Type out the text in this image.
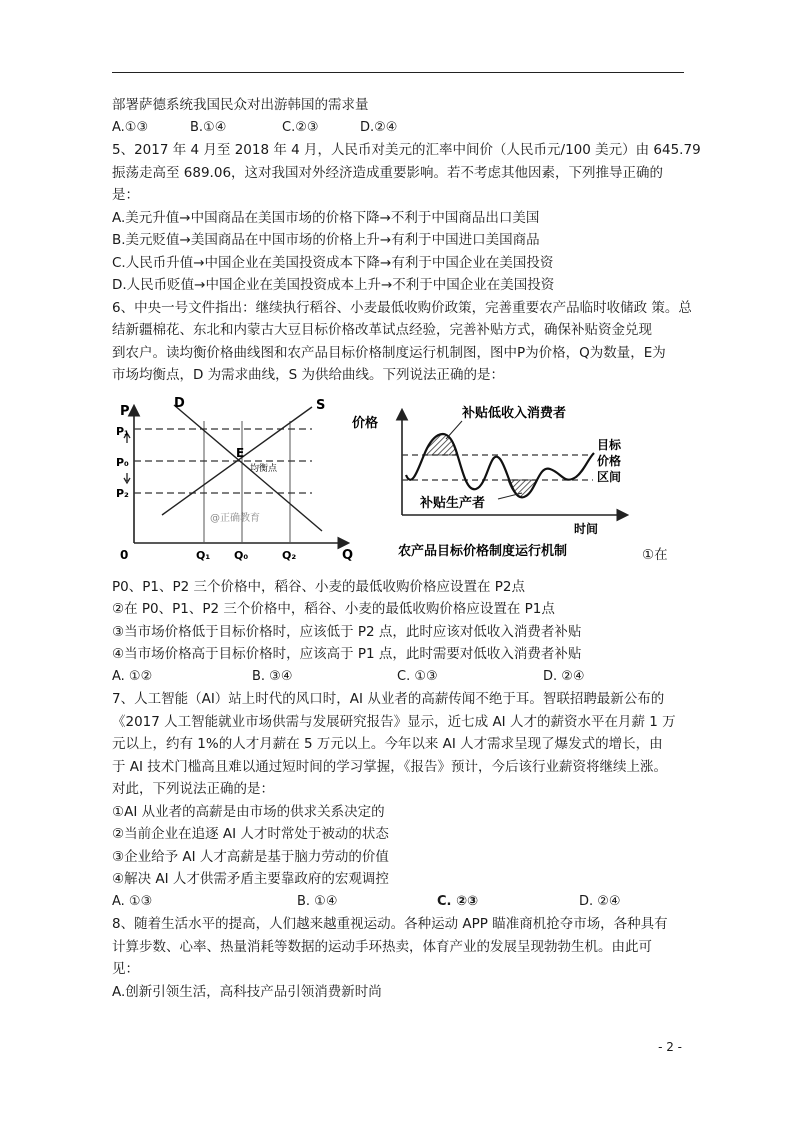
部署萨德系统我国民众对出游韩国的需求量
A.①③	B.①④	C.②③	D.②④
5、2017 年 4 月至 2018 年 4 月，人民币对美元的汇率中间价（人民币元/100 美元）由 645.79
振荡走高至 689.06，这对我国对外经济造成重要影响。若不考虑其他因素，下列推导正确的
是：
A.美元升值→中国商品在美国市场的价格下降→不利于中国商品出口美国
B.美元贬值→美国商品在中国市场的价格上升→有利于中国进口美国商品
C.人民币升值→中国企业在美国投资成本下降→有利于中国企业在美国投资
D.人民币贬值→中国企业在美国投资成本上升→不利于中国企业在美国投资
6、中央一号文件指出：继续执行稻谷、小麦最低收购价政策，完善重要农产品临时收储政 策。总
结新疆棉花、东北和内蒙古大豆目标价格改革试点经验，完善补贴方式，确保补贴资金兑现
到农户。读均衡价格曲线图和农产品目标价格制度运行机制图，图中P为价格，Q为数量，E为
市场均衡点，D 为需求曲线，S 为供给曲线。下列说法正确的是：
P
P₁
P₀
P₂
D	S
E
均衡点
@正确教育
0	Q₁ Q₀	Q₂	Q
价格
补贴低收入消费者
补贴生产者
目标
价格
区间
时间
农产品目标价格制度运行机制	①在
P0、P1、P2 三个价格中，稻谷、小麦的最低收购价格应设置在 P2点
②在 P0、P1、P2 三个价格中，稻谷、小麦的最低收购价格应设置在 P1点
③当市场价格低于目标价格时，应该低于 P2 点，此时应该对低收入消费者补贴
④当市场价格高于目标价格时，应该高于 P1 点，此时需要对低收入消费者补贴
A. ①②	B. ③④	C. ①③	D. ②④
7、人工智能（AI）站上时代的风口时，AI 从业者的高薪传闻不绝于耳。智联招聘最新公布的
《2017 人工智能就业市场供需与发展研究报告》显示，近七成 AI 人才的薪资水平在月薪 1 万
元以上，约有 1%的人才月薪在 5 万元以上。今年以来 AI 人才需求呈现了爆发式的增长，由
于 AI 技术门槛高且难以通过短时间的学习掌握，《报告》预计，今后该行业薪资将继续上涨。
对此，下列说法正确的是：
①AI 从业者的高薪是由市场的供求关系决定的
②当前企业在追逐 AI 人才时常处于被动的状态
③企业给予 AI 人才高薪是基于脑力劳动的价值
④解决 AI 人才供需矛盾主要靠政府的宏观调控
A. ①③	B. ①④	C. ②③	D. ②④
8、随着生活水平的提高，人们越来越重视运动。各种运动 APP 瞄准商机抢夺市场，各种具有
计算步数、心率、热量消耗等数据的运动手环热卖，体育产业的发展呈现勃勃生机。由此可
见：
A.创新引领生活，高科技产品引领消费新时尚
- 2 -
